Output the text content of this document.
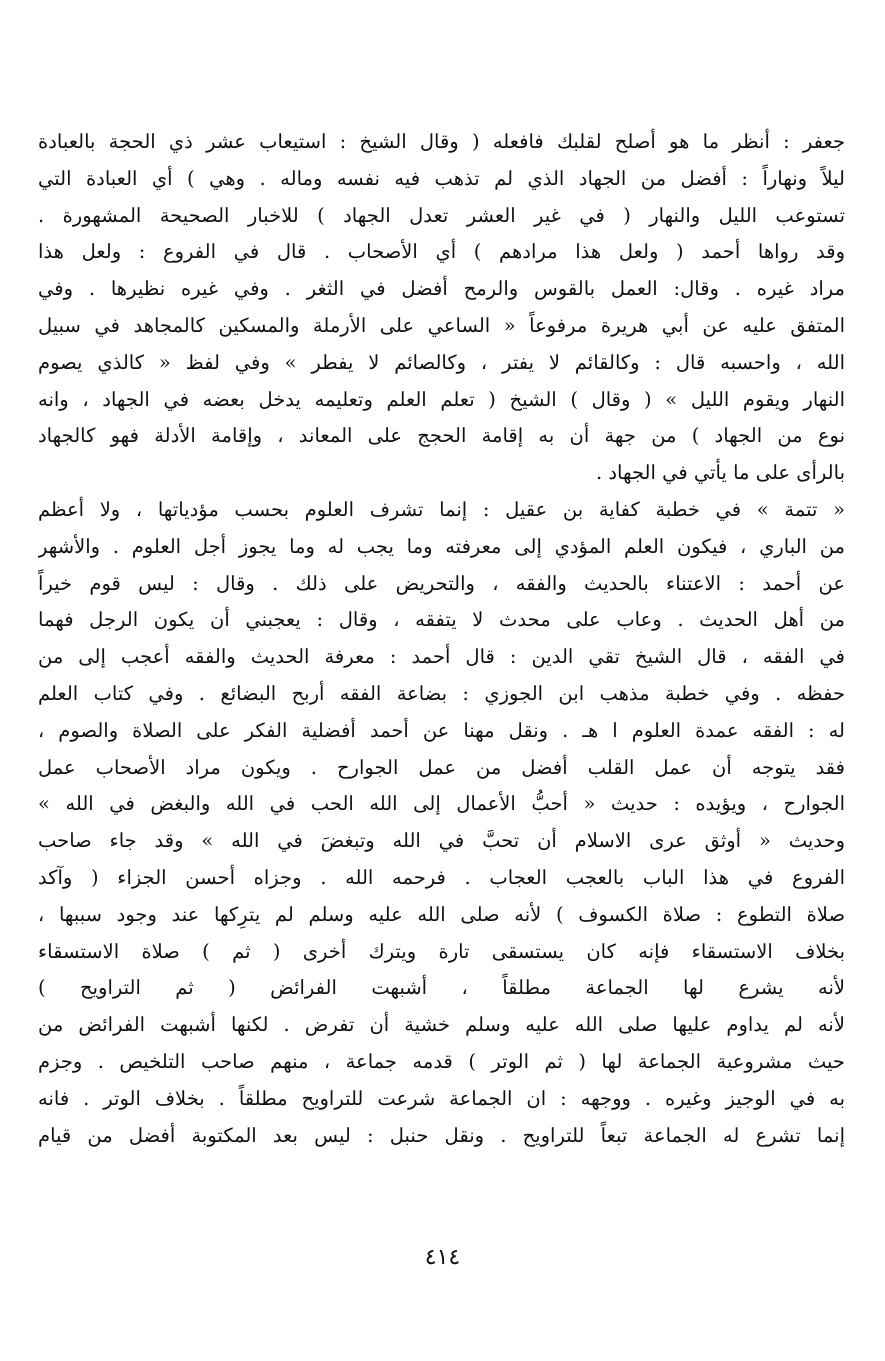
جعفر : أنظر ما هو أصلح لقلبك فافعله ( وقال الشيخ : استيعاب عشر ذي الحجة بالعبادة
ليلاً ونهاراً : أفضل من الجهاد الذي لم تذهب فيه نفسه وماله . وهي ) أي العبادة التي
تستوعب الليل والنهار ( في غير العشر تعدل الجهاد ) للاخبار الصحيحة المشهورة .
وقد رواها أحمد ( ولعل هذا مرادهم ) أي الأصحاب . قال في الفروع : ولعل هذا
مراد غيره . وقال: العمل بالقوس والرمح أفضل في الثغر . وفي غيره نظيرها . وفي
المتفق عليه عن أبي هريرة مرفوعاً « الساعي على الأرملة والمسكين كالمجاهد في سبيل
الله ، واحسبه قال : وكالقائم لا يفتر ، وكالصائم لا يفطر » وفي لفظ « كالذي يصوم
النهار ويقوم الليل » ( وقال ) الشيخ ( تعلم العلم وتعليمه يدخل بعضه في الجهاد ، وانه
نوع من الجهاد ) من جهة أن به إقامة الحجج على المعاند ، وإقامة الأدلة فهو كالجهاد
بالرأى على ما يأتي في الجهاد .
« تتمة » في خطبة كفاية بن عقيل : إنما تشرف العلوم بحسب مؤدياتها ، ولا أعظم
من الباري ، فيكون العلم المؤدي إلى معرفته وما يجب له وما يجوز أجل العلوم . والأشهر
عن أحمد : الاعتناء بالحديث والفقه ، والتحريض على ذلك . وقال : ليس قوم خيراً
من أهل الحديث . وعاب على محدث لا يتفقه ، وقال : يعجبني أن يكون الرجل فهما
في الفقه ، قال الشيخ تقي الدين : قال أحمد : معرفة الحديث والفقه أعجب إلى من
حفظه . وفي خطبة مذهب ابن الجوزي : بضاعة الفقه أربح البضائع . وفي كتاب العلم
له : الفقه عمدة العلوم ا هـ . ونقل مهنا عن أحمد أفضلية الفكر على الصلاة والصوم ،
فقد يتوجه أن عمل القلب أفضل من عمل الجوارح . ويكون مراد الأصحاب عمل
الجوارح ، ويؤيده : حديث « أحبُّ الأعمال إلى الله الحب في الله والبغض في الله »
وحديث « أوثق عرى الاسلام أن تحبَّ في الله وتبغضَ في الله » وقد جاء صاحب
الفروع في هذا الباب بالعجب العجاب . فرحمه الله . وجزاه أحسن الجزاء ( وآكد
صلاة التطوع : صلاة الكسوف ) لأنه صلى الله عليه وسلم لم يترِكها عند وجود سببها ،
بخلاف الاستسقاء فإنه كان يستسقى تارة ويترك أخرى ( ثم ) صلاة الاستسقاء
لأنه يشرع لها الجماعة مطلقاً ، أشبهت الفرائض ( ثم التراويح )
لأنه لم يداوم عليها صلى الله عليه وسلم خشية أن تفرض . لكنها أشبهت الفرائض من
حيث مشروعية الجماعة لها ( ثم الوتر ) قدمه جماعة ، منهم صاحب التلخيص . وجزم
به في الوجيز وغيره . ووجهه : ان الجماعة شرعت للتراويح مطلقاً . بخلاف الوتر . فانه
إنما تشرع له الجماعة تبعاً للتراويح . ونقل حنبل : ليس بعد المكتوبة أفضل من قيام
٤١٤
